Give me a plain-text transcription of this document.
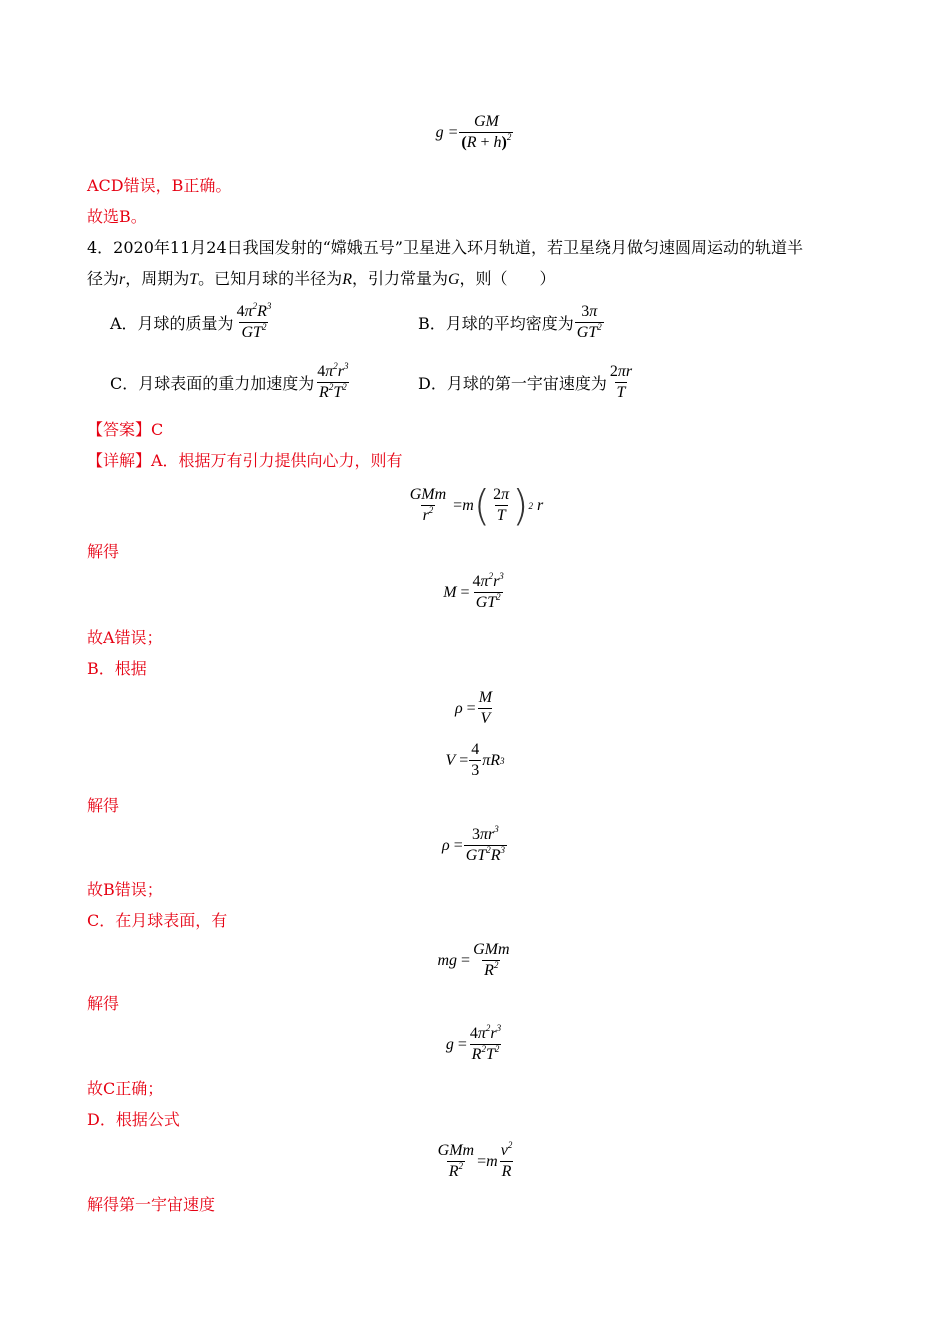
$g = \frac{GM}{(R + h)^2}$
ACD错误，B正确。
故选B。
4．2020年11月24日我国发射的“嫦娥五号”卫星进入环月轨道，若卫星绕月做匀速圆周运动的轨道半
径为r，周期为T。已知月球的半径为R，引力常量为G，则（　　）
A．月球的质量为 $\frac{4\pi^2R^3}{GT^2}$	B．月球的平均密度为 $\frac{3\pi}{GT^2}$
C．月球表面的重力加速度为 $\frac{4\pi^2r^3}{R^2T^2}$	D．月球的第一宇宙速度为 $\frac{2\pi r}{T}$
【答案】C
【详解】A．根据万有引力提供向心力，则有
$\frac{\text{GMm}}{r^2} = m$ ( $\frac{2\pi}{T}$ ) 2 r
解得
$M = \frac{4\pi^2r^3}{GT^2}$
故A错误；
B．根据
$\rho = \frac{M}{V}$
$V = \frac{4}{3}$ πR 3
解得
$\rho = \frac{3\pi r^3}{GT^2R^3}$
故B错误；
C．在月球表面，有
mg = $\frac{\text{GMm}}{R^2}$
解得
$g = \frac{4\pi^2r^3}{R^2T^2}$
故C正确；
D．根据公式
$\frac{\text{GMm}}{R^2} = m \frac{v^2}{R}$
解得第一宇宙速度
